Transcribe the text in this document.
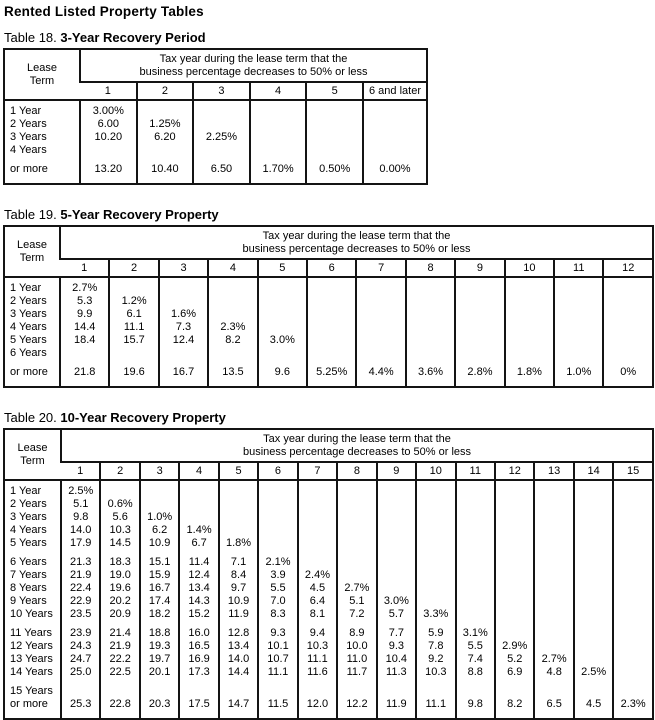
Rented Listed Property Tables
Table 18. 3-Year Recovery Period
Lease
Term

Tax year during the lease term that the
business percentage decreases to 50% or less

	1	2	3	4	5	6 and later
1 Year	3.00%					
2 Years	6.00	1.25%				
3 Years	10.20	6.20	2.25%			
4 Years						
or more	13.20	10.40	6.50	1.70%	0.50%	0.00%
Table 19. 5-Year Recovery Property
Lease
Term

Tax year during the lease term that the
business percentage decreases to 50% or less

	1	2	3	4	5	6	7	8	9	10	11	12
1 Year	2.7%											
2 Years	5.3	1.2%										
3 Years	9.9	6.1	1.6%									
4 Years	14.4	11.1	7.3	2.3%								
5 Years	18.4	15.7	12.4	8.2	3.0%							
6 Years												
or more	21.8	19.6	16.7	13.5	9.6	5.25%	4.4%	3.6%	2.8%	1.8%	1.0%	0%
Table 20. 10-Year Recovery Property
Lease
Term

Tax year during the lease term that the
business percentage decreases to 50% or less

	1	2	3	4	5	6	7	8	9	10	11	12	13	14	15
1 Year	2.5%														
2 Years	5.1	0.6%													
3 Years	9.8	5.6	1.0%												
4 Years	14.0	10.3	6.2	1.4%											
5 Years	17.9	14.5	10.9	6.7	1.8%										
6 Years	21.3	18.3	15.1	11.4	7.1	2.1%									
7 Years	21.9	19.0	15.9	12.4	8.4	3.9	2.4%								
8 Years	22.4	19.6	16.7	13.4	9.7	5.5	4.5	2.7%							
9 Years	22.9	20.2	17.4	14.3	10.9	7.0	6.4	5.1	3.0%						
10 Years	23.5	20.9	18.2	15.2	11.9	8.3	8.1	7.2	5.7	3.3%					
11 Years	23.9	21.4	18.8	16.0	12.8	9.3	9.4	8.9	7.7	5.9	3.1%				
12 Years	24.3	21.9	19.3	16.5	13.4	10.1	10.3	10.0	9.3	7.8	5.5	2.9%			
13 Years	24.7	22.2	19.7	16.9	14.0	10.7	11.1	11.0	10.4	9.2	7.4	5.2	2.7%		
14 Years	25.0	22.5	20.1	17.3	14.4	11.1	11.6	11.7	11.3	10.3	8.8	6.9	4.8	2.5%	
15 Years															
or more	25.3	22.8	20.3	17.5	14.7	11.5	12.0	12.2	11.9	11.1	9.8	8.2	6.5	4.5	2.3%
